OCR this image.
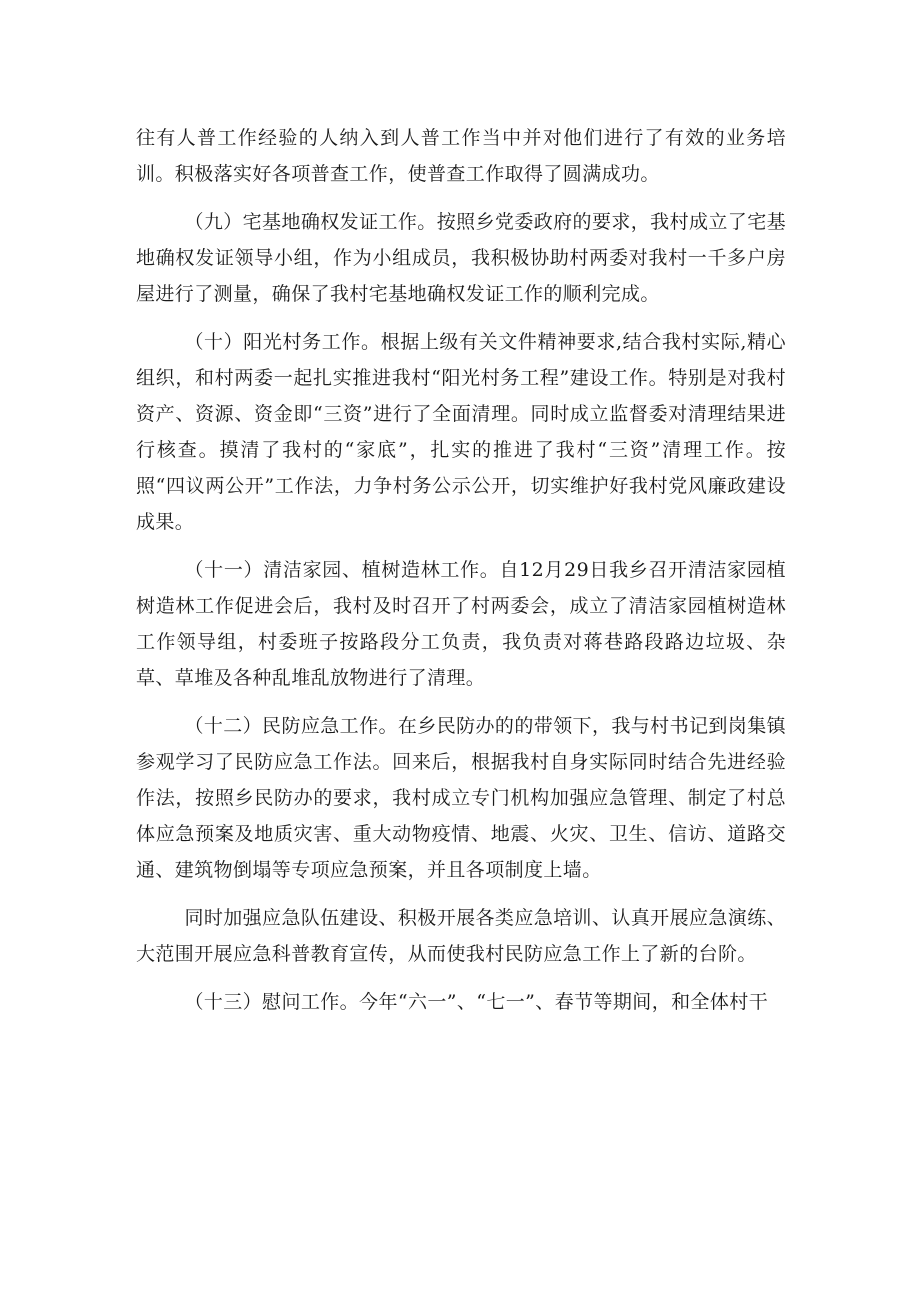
往有人普工作经验的人纳入到人普工作当中并对他们进行了有效的业务培训。积极落实好各项普查工作，使普查工作取得了圆满成功。

（九）宅基地确权发证工作。按照乡党委政府的要求，我村成立了宅基地确权发证领导小组，作为小组成员，我积极协助村两委对我村一千多户房屋进行了测量，确保了我村宅基地确权发证工作的顺利完成。

（十）阳光村务工作。根据上级有关文件精神要求,结合我村实际,精心组织，和村两委一起扎实推进我村“阳光村务工程”建设工作。特别是对我村资产、资源、资金即“三资”进行了全面清理。同时成立监督委对清理结果进行核查。摸清了我村的“家底”，扎实的推进了我村“三资”清理工作。按照“四议两公开”工作法，力争村务公示公开，切实维护好我村党风廉政建设成果。

（十一）清洁家园、植树造林工作。自12月29日我乡召开清洁家园植树造林工作促进会后，我村及时召开了村两委会，成立了清洁家园植树造林工作领导组，村委班子按路段分工负责，我负责对蒋巷路段路边垃圾、杂草、草堆及各种乱堆乱放物进行了清理。

（十二）民防应急工作。在乡民防办的的带领下，我与村书记到岗集镇参观学习了民防应急工作法。回来后，根据我村自身实际同时结合先进经验作法，按照乡民防办的要求，我村成立专门机构加强应急管理、制定了村总体应急预案及地质灾害、重大动物疫情、地震、火灾、卫生、信访、道路交通、建筑物倒塌等专项应急预案，并且各项制度上墙。

同时加强应急队伍建设、积极开展各类应急培训、认真开展应急演练、大范围开展应急科普教育宣传，从而使我村民防应急工作上了新的台阶。

（十三）慰问工作。今年“六一”、“七一”、春节等期间，和全体村干
